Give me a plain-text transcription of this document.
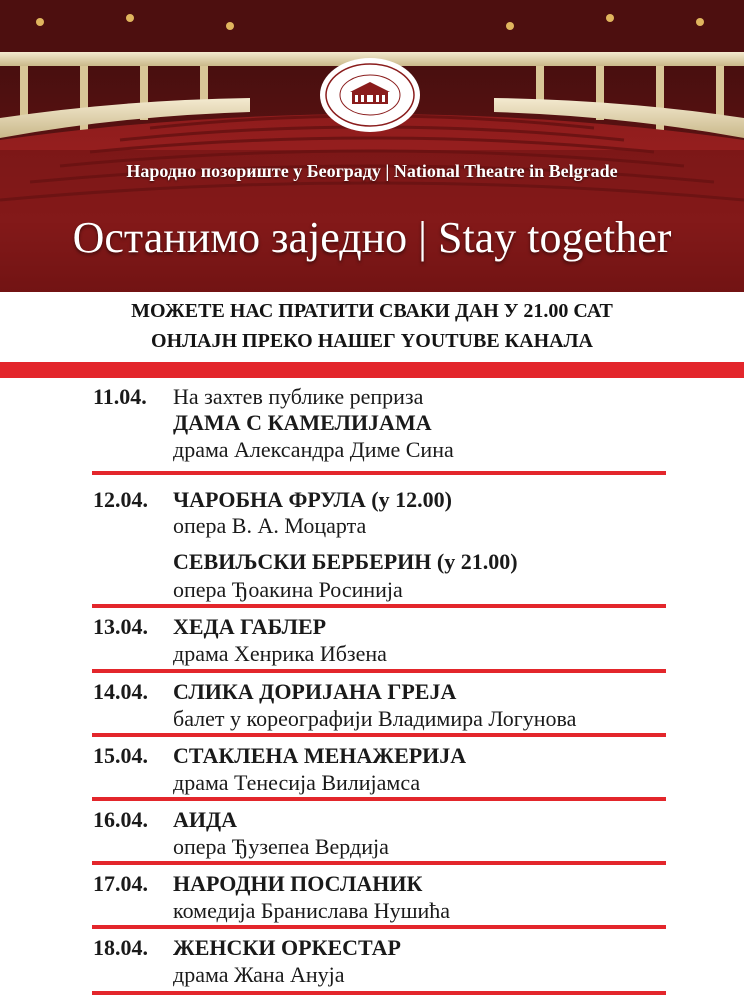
Народно позориште у Београду | National Theatre in Belgrade
Останимо заједно | Stay together
МОЖЕТЕ НАС ПРАТИТИ СВАКИ ДАН У 21.00 САТ
ОНЛАЈН ПРЕКО НАШЕГ YOUTUBE КАНАЛА
11.04. На захтев публике реприза
ДАМА С КАМЕЛИЈАМА
драма Александра Диме Сина
12.04. ЧАРОБНА ФРУЛА (у 12.00)
опера В. А. Моцарта
СЕВИЉСКИ БЕРБЕРИН (у 21.00)
опера Ђоакина Росинија
13.04. ХЕДА ГАБЛЕР
драма Хенрика Ибзена
14.04. СЛИКА ДОРИЈАНА ГРЕЈА
балет у кореографији Владимира Логунова
15.04. СТАКЛЕНА МЕНАЖЕРИЈА
драма Тенесија Вилијамса
16.04. АИДА
опера Ђузепеа Вердија
17.04. НАРОДНИ ПОСЛАНИК
комедија Бранислава Нушића
18.04. ЖЕНСКИ ОРКЕСТАР
драма Жана Ануја
